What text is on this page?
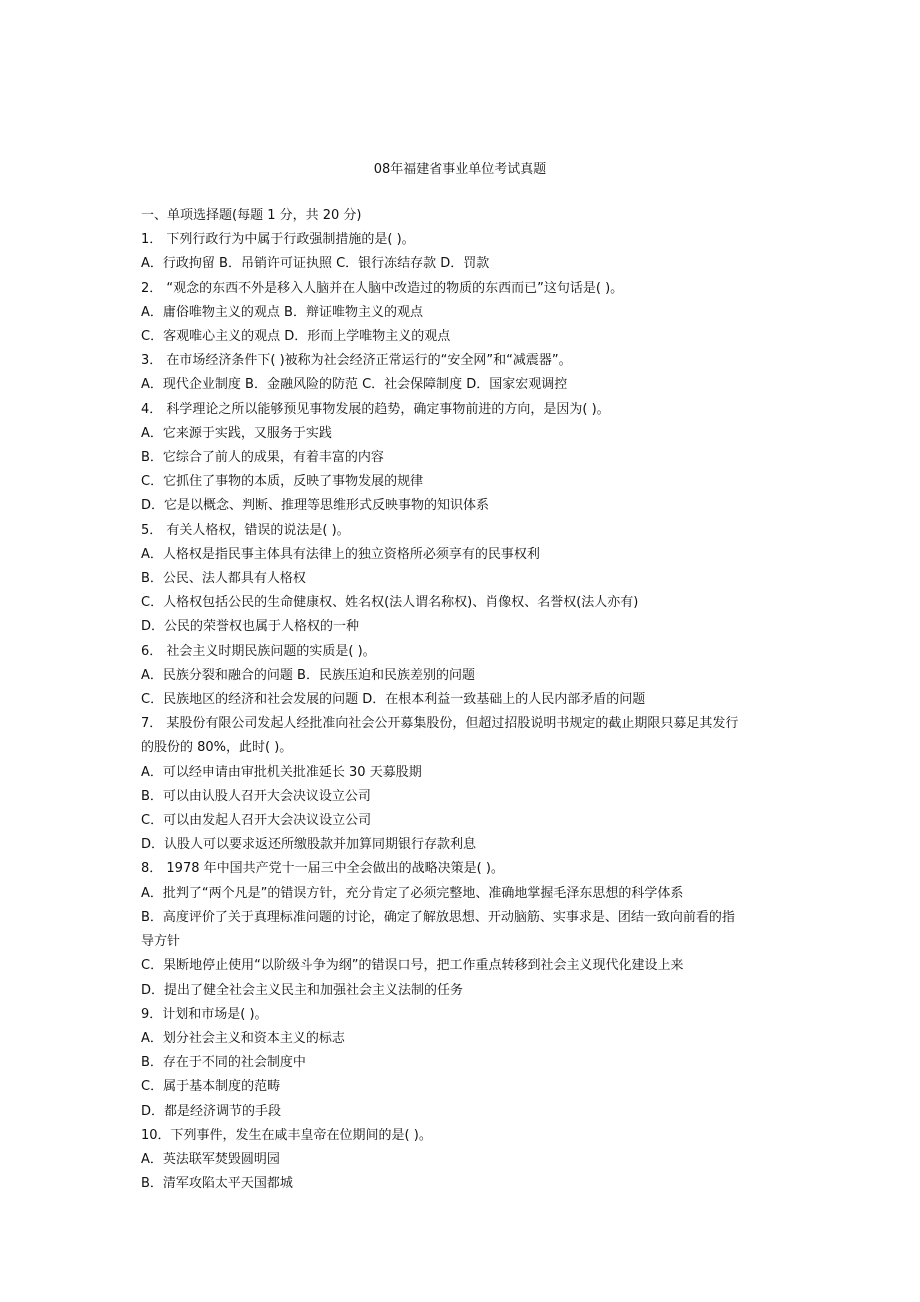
08年福建省事业单位考试真题

一、单项选择题(每题 1 分，共 20 分)

1． 下列行政行为中属于行政强制措施的是( )。

A．行政拘留 B．吊销许可证执照 C．银行冻结存款 D．罚款

2． “观念的东西不外是移入人脑并在人脑中改造过的物质的东西而已”这句话是( )。

A．庸俗唯物主义的观点 B．辩证唯物主义的观点

C．客观唯心主义的观点 D．形而上学唯物主义的观点

3． 在市场经济条件下( )被称为社会经济正常运行的“安全网”和“减震器”。

A．现代企业制度 B．金融风险的防范 C．社会保障制度 D．国家宏观调控

4． 科学理论之所以能够预见事物发展的趋势，确定事物前进的方向，是因为( )。

A．它来源于实践，又服务于实践

B．它综合了前人的成果，有着丰富的内容

C．它抓住了事物的本质，反映了事物发展的规律

D．它是以概念、判断、推理等思维形式反映事物的知识体系

5． 有关人格权，错误的说法是( )。

A．人格权是指民事主体具有法律上的独立资格所必须享有的民事权利

B．公民、法人都具有人格权

C．人格权包括公民的生命健康权、姓名权(法人谓名称权)、肖像权、名誉权(法人亦有)

D．公民的荣誉权也属于人格权的一种

6． 社会主义时期民族问题的实质是( )。

A．民族分裂和融合的问题 B．民族压迫和民族差别的问题

C．民族地区的经济和社会发展的问题 D．在根本利益一致基础上的人民内部矛盾的问题

7． 某股份有限公司发起人经批准向社会公开募集股份，但超过招股说明书规定的截止期限只募足其发行

的股份的 80%，此时( )。

A．可以经申请由审批机关批准延长 30 天募股期

B．可以由认股人召开大会决议设立公司

C．可以由发起人召开大会决议设立公司

D．认股人可以要求返还所缴股款并加算同期银行存款利息

8． 1978 年中国共产党十一届三中全会做出的战略决策是( )。

A．批判了“两个凡是”的错误方针，充分肯定了必须完整地、准确地掌握毛泽东思想的科学体系

B．高度评价了关于真理标准问题的讨论，确定了解放思想、开动脑筋、实事求是、团结一致向前看的指

导方针

C．果断地停止使用“以阶级斗争为纲”的错误口号，把工作重点转移到社会主义现代化建设上来

D．提出了健全社会主义民主和加强社会主义法制的任务

9．计划和市场是( )。

A．划分社会主义和资本主义的标志

B．存在于不同的社会制度中

C．属于基本制度的范畴

D．都是经济调节的手段

10．下列事件，发生在咸丰皇帝在位期间的是( )。

A．英法联军焚毁圆明园

B．清军攻陷太平天国都城
